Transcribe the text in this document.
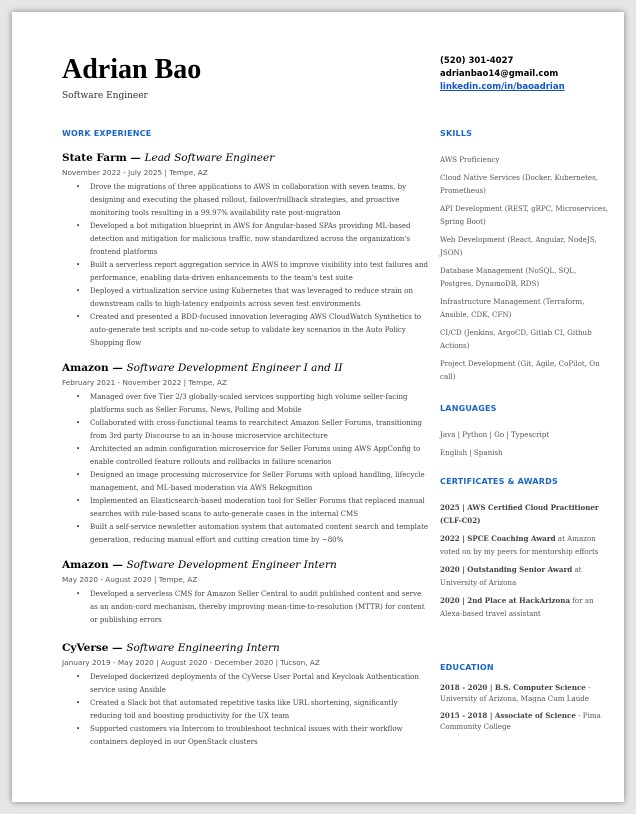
Adrian Bao
Software Engineer
(520) 301-4027
adrianbao14@gmail.com
linkedin.com/in/baoadrian
WORK EXPERIENCE
State Farm — Lead Software Engineer
November 2022 - July 2025 | Tempe, AZ
• Drove the migrations of three applications to AWS in collaboration with seven teams, by designing and executing the phased rollout, failover/rollback strategies, and proactive monitoring tools resulting in a 99.97% availability rate post-migration
• Developed a bot mitigation blueprint in AWS for Angular-based SPAs providing ML-based detection and mitigation for malicious traffic, now standardized across the organization's frontend platforms
• Built a serverless report aggregation service in AWS to improve visibility into test failures and performance, enabling data-driven enhancements to the team's test suite
• Deployed a virtualization service using Kubernetes that was leveraged to reduce strain on downstream calls to high-latency endpoints across seven test environments
• Created and presented a BDD-focused innovation leveraging AWS CloudWatch Synthetics to auto-generate test scripts and no-code setup to validate key scenarios in the Auto Policy Shopping flow
Amazon — Software Development Engineer I and II
February 2021 - November 2022 | Tempe, AZ
• Managed over five Tier 2/3 globally-scaled services supporting high volume seller-facing platforms such as Seller Forums, News, Polling and Mobile
• Collaborated with cross-functional teams to rearchitect Amazon Seller Forums, transitioning from 3rd party Discourse to an in-house microservice architecture
• Architected an admin configuration microservice for Seller Forums using AWS AppConfig to enable controlled feature rollouts and rollbacks in failure scenarios
• Designed an image processing microservice for Seller Forums with upload handling, lifecycle management, and ML-based moderation via AWS Rekognition
• Implemented an Elasticsearch-based moderation tool for Seller Forums that replaced manual searches with rule-based scans to auto-generate cases in the internal CMS
• Built a self-service newsletter automation system that automated content search and template generation, reducing manual effort and cutting creation time by ~80%
Amazon — Software Development Engineer Intern
May 2020 - August 2020 | Tempe, AZ
• Developed a serverless CMS for Amazon Seller Central to audit published content and serve as an andon-cord mechanism, thereby improving mean-time-to-resolution (MTTR) for content or publishing errors
CyVerse — Software Engineering Intern
January 2019 - May 2020 | August 2020 - December 2020 | Tucson, AZ
• Developed dockerized deployments of the CyVerse User Portal and Keycloak Authentication service using Ansible
• Created a Slack bot that automated repetitive tasks like URL shortening, significantly reducing toil and boosting productivity for the UX team
• Supported customers via Intercom to troubleshoot technical issues with their workflow containers deployed in our OpenStack clusters
SKILLS

AWS Proficiency

Cloud Native Services (Docker, Kubernetes, Prometheus)

API Development (REST, gRPC, Microservices, Spring Boot)

Web Development (React, Angular, NodeJS, JSON)

Database Management (NoSQL, SQL, Postgres, DynamoDB, RDS)

Infrastructure Management (Terraform, Ansible, CDK, CFN)

CI/CD (Jenkins, ArgoCD, Gitlab CI, Github Actions)

Project Development (Git, Agile, CoPilot, On call)

LANGUAGES

Java | Python | Go | Typescript

English | Spanish

CERTIFICATES & AWARDS

2025 | AWS Certified Cloud Practitioner (CLF-C02)

2022 | SPCE Coaching Award at Amazon voted on by my peers for mentorship efforts

2020 | Outstanding Senior Award at University of Arizona

2020 | 2nd Place at HackArizona for an Alexa-based travel assistant

EDUCATION

2018 - 2020 | B.S. Computer Science - University of Arizona, Magna Cum Laude

2015 - 2018 | Associate of Science - Pima Community College
